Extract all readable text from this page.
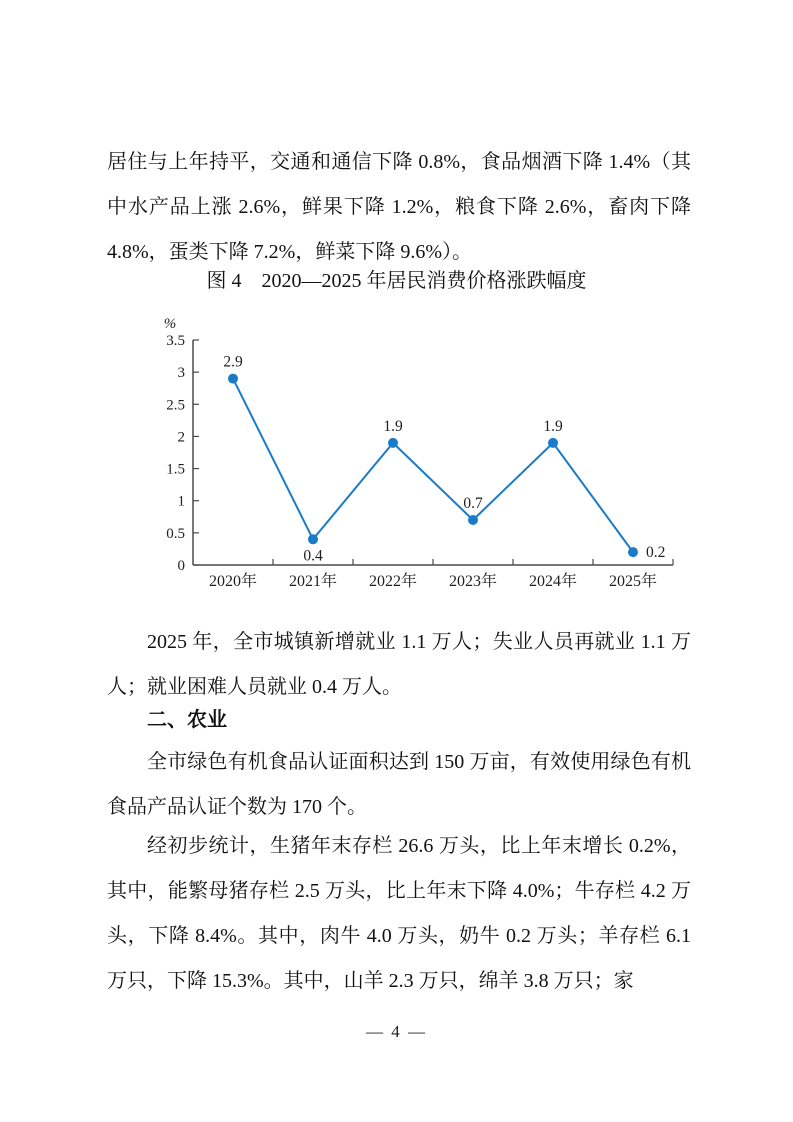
居住与上年持平，交通和通信下降 0.8%，食品烟酒下降 1.4%（其中水产品上涨 2.6%，鲜果下降 1.2%，粮食下降 2.6%，畜肉下降 4.8%，蛋类下降 7.2%，鲜菜下降 9.6%）。

图 4　2020—2025 年居民消费价格涨跌幅度
0
0.5
1
1.5
2
2.5
3
3.5
%
2020年 2021年 2022年 2023年 2024年 2025年
2.9
0.4
1.9
0.7
1.9
0.2

2025 年，全市城镇新增就业 1.1 万人；失业人员再就业 1.1 万人；就业困难人员就业 0.4 万人。

二、农业

全市绿色有机食品认证面积达到 150 万亩，有效使用绿色有机食品产品认证个数为 170 个。

经初步统计，生猪年末存栏 26.6 万头，比上年末增长 0.2%，其中，能繁母猪存栏 2.5 万头，比上年末下降 4.0%；牛存栏 4.2 万头，下降 8.4%。其中，肉牛 4.0 万头，奶牛 0.2 万头；羊存栏 6.1 万只，下降 15.3%。其中，山羊 2.3 万只，绵羊 3.8 万只；家

— 4 —
